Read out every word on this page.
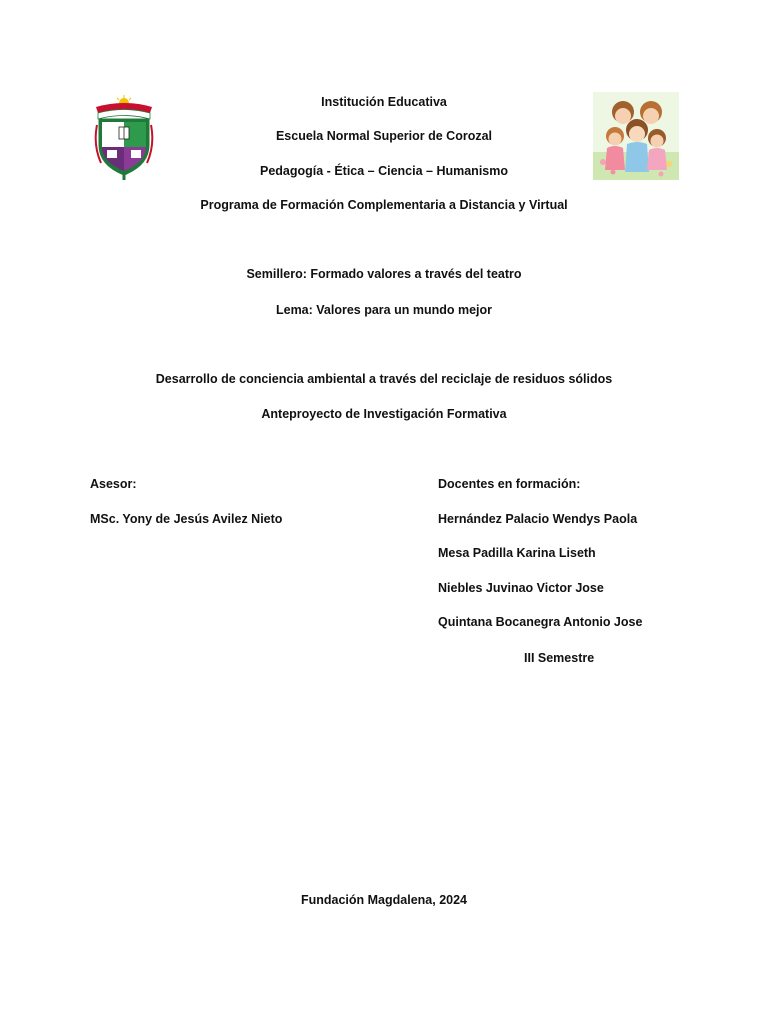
Institución Educativa
Escuela Normal Superior de Corozal
Pedagogía - Ética – Ciencia – Humanismo
Programa de Formación Complementaria a Distancia y Virtual
Semillero: Formado valores a través del teatro
Lema: Valores para un mundo mejor
Desarrollo de conciencia ambiental a través del reciclaje de residuos sólidos
Anteproyecto de Investigación Formativa
Asesor:
MSc. Yony de Jesús Avilez Nieto
Docentes en formación:
Hernández Palacio Wendys Paola
Mesa Padilla Karina Liseth
Niebles Juvinao Victor Jose
Quintana Bocanegra Antonio Jose
III Semestre
Fundación Magdalena, 2024
